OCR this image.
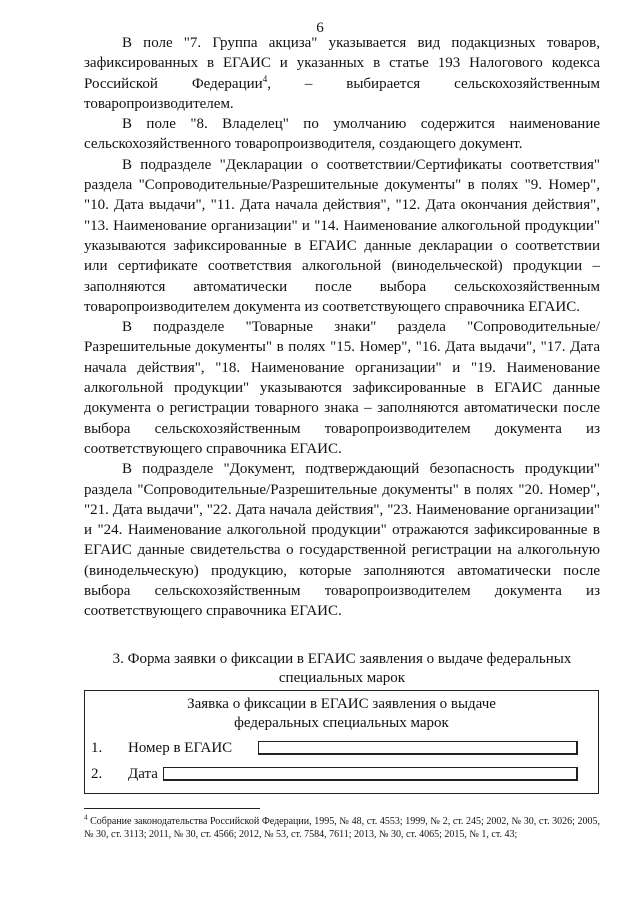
6

В поле "7. Группа акциза" указывается вид подакцизных товаров, зафиксированных в ЕГАИС и указанных в статье 193 Налогового кодекса Российской Федерации$^4$, – выбирается сельскохозяйственным товаропроизводителем.

В поле "8. Владелец" по умолчанию содержится наименование сельскохозяйственного товаропроизводителя, создающего документ.

В подразделе "Декларации о соответствии/Сертификаты соответствия" раздела "Сопроводительные/Разрешительные документы" в полях "9. Номер", "10. Дата выдачи", "11. Дата начала действия", "12. Дата окончания действия", "13. Наименование организации" и "14. Наименование алкогольной продукции" указываются зафиксированные в ЕГАИС данные декларации о соответствии или сертификате соответствия алкогольной (винодельческой) продукции – заполняются автоматически после выбора сельскохозяйственным товаропроизводителем документа из соответствующего справочника ЕГАИС.

В подразделе "Товарные знаки" раздела "Сопроводительные/Разрешительные документы" в полях "15. Номер", "16. Дата выдачи", "17. Дата начала действия", "18. Наименование организации" и "19. Наименование алкогольной продукции" указываются зафиксированные в ЕГАИС данные документа о регистрации товарного знака – заполняются автоматически после выбора сельскохозяйственным товаропроизводителем документа из соответствующего справочника ЕГАИС.

В подразделе "Документ, подтверждающий безопасность продукции" раздела "Сопроводительные/Разрешительные документы" в полях "20. Номер", "21. Дата выдачи", "22. Дата начала действия", "23. Наименование организации" и "24. Наименование алкогольной продукции" отражаются зафиксированные в ЕГАИС данные свидетельства о государственной регистрации на алкогольную (винодельческую) продукцию, которые заполняются автоматически после выбора сельскохозяйственным товаропроизводителем документа из соответствующего справочника ЕГАИС.

3. Форма заявки о фиксации в ЕГАИС заявления о выдаче федеральных специальных марок
Заявка о фиксации в ЕГАИС заявления о выдаче
федеральных специальных марок
1. Номер в ЕГАИС
2. Дата
$^4$ Собрание законодательства Российской Федерации, 1995, № 48, ст. 4553; 1999, № 2, ст. 245; 2002, № 30, ст. 3026; 2005, № 30, ст. 3113; 2011, № 30, ст. 4566; 2012, № 53, ст. 7584, 7611; 2013, № 30, ст. 4065; 2015, № 1, ст. 43;
